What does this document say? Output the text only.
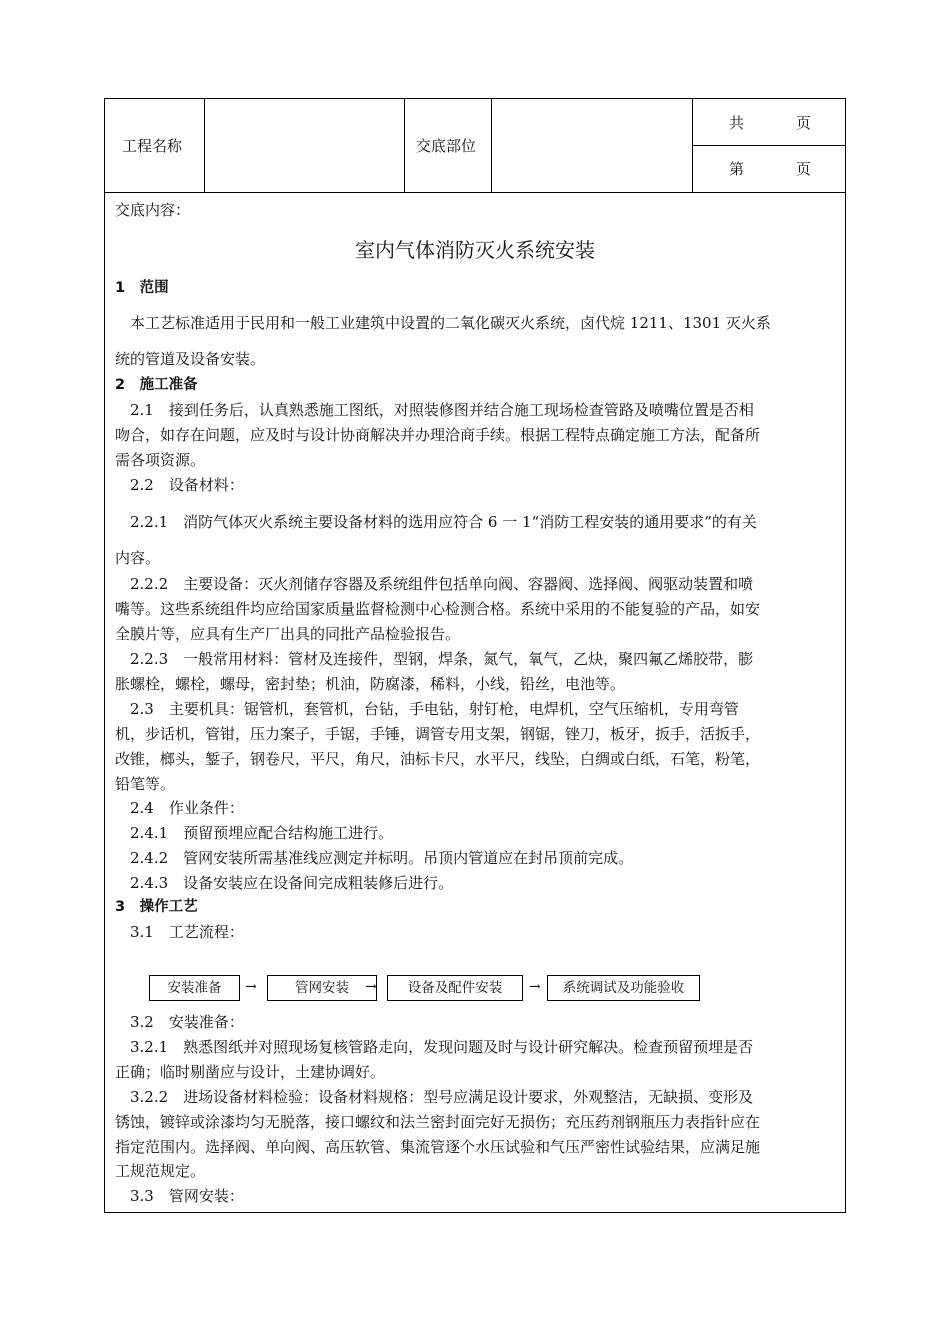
工程名称	交底部位
共	页
第	页
交底内容：
室内气体消防灭火系统安装
1　范围
　本工艺标准适用于民用和一般工业建筑中设置的二氧化碳灭火系统，卤代烷 1211、1301 灭火系
统的管道及设备安装。
2　施工准备
　2.1　接到任务后，认真熟悉施工图纸，对照装修图并结合施工现场检查管路及喷嘴位置是否相
吻合，如存在问题，应及时与设计协商解决并办理洽商手续。根据工程特点确定施工方法，配备所
需各项资源。
　2.2　设备材料：
　2.2.1　消防气体灭火系统主要设备材料的选用应符合 6 一 1“消防工程安装的通用要求”的有关
内容。
　2.2.2　主要设备：灭火剂储存容器及系统组件包括单向阀、容器阀、选择阀、阀驱动装置和喷
嘴等。这些系统组件均应给国家质量监督检测中心检测合格。系统中采用的不能复验的产品，如安
全膜片等，应具有生产厂出具的同批产品检验报告。
　2.2.3　一般常用材料：管材及连接件，型钢，焊条，氮气，氧气，乙炔，聚四氟乙烯胶带，膨
胀螺栓，螺栓，螺母，密封垫；机油，防腐漆，稀料，小线，铅丝，电池等。
　2.3　主要机具：锯管机，套管机，台钻，手电钻，射钉枪，电焊机，空气压缩机，专用弯管
机，步话机，管钳，压力案子，手锯，手锤，调管专用支架，钢锯，锉刀，板牙，扳手，活扳手，
改锥，榔头，錾子，钢卷尺，平尺，角尺，油标卡尺，水平尺，线坠，白绸或白纸，石笔，粉笔，
铅笔等。
　2.4　作业条件：
　2.4.1　预留预埋应配合结构施工进行。
　2.4.2　管网安装所需基准线应测定并标明。吊顶内管道应在封吊顶前完成。
　2.4.3　设备安装应在设备间完成粗装修后进行。
3　操作工艺
　3.1　工艺流程：
　3.2　安装准备：
　3.2.1　熟悉图纸并对照现场复核管路走向，发现问题及时与设计研究解决。检查预留预埋是否
正确；临时剔凿应与设计，土建协调好。
　3.2.2　进场设备材料检验：设备材料规格：型号应满足设计要求，外观整洁，无缺损、变形及
锈蚀，镀锌或涂漆均匀无脱落，接口螺纹和法兰密封面完好无损伤；充压药剂钢瓶压力表指针应在
指定范围内。选择阀、单向阀、高压软管、集流管逐个水压试验和气压严密性试验结果，应满足施
工规范规定。
　3.3　管网安装：
安装准备	→	管网安装	→	设备及配件安装	→	系统调试及功能验收
